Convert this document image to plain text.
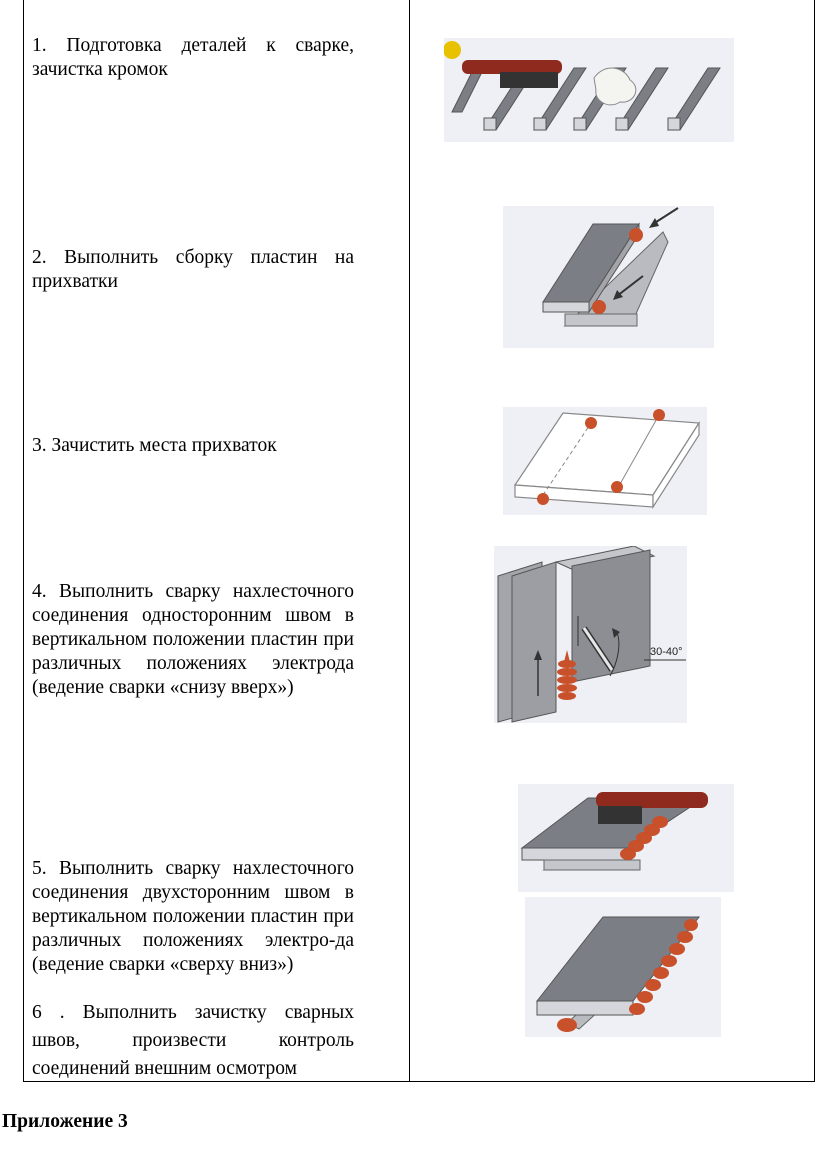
1. Подготовка деталей к сварке, зачистка кромок
2. Выполнить сборку пластин на прихватки
3. Зачистить места прихваток
4. Выполнить сварку нахлесточного соединения односторонним швом в вертикальном положении пластин при различных положениях электрода (ведение сварки «снизу вверх»)
5. Выполнить сварку нахлесточного соединения двухсторонним швом в вертикальном положении пластин при различных положениях электро-да (ведение сварки «сверху вниз»)
6 . Выполнить зачистку сварных швов, произвести контроль соединений внешним осмотром
30-40°
Приложение 3
